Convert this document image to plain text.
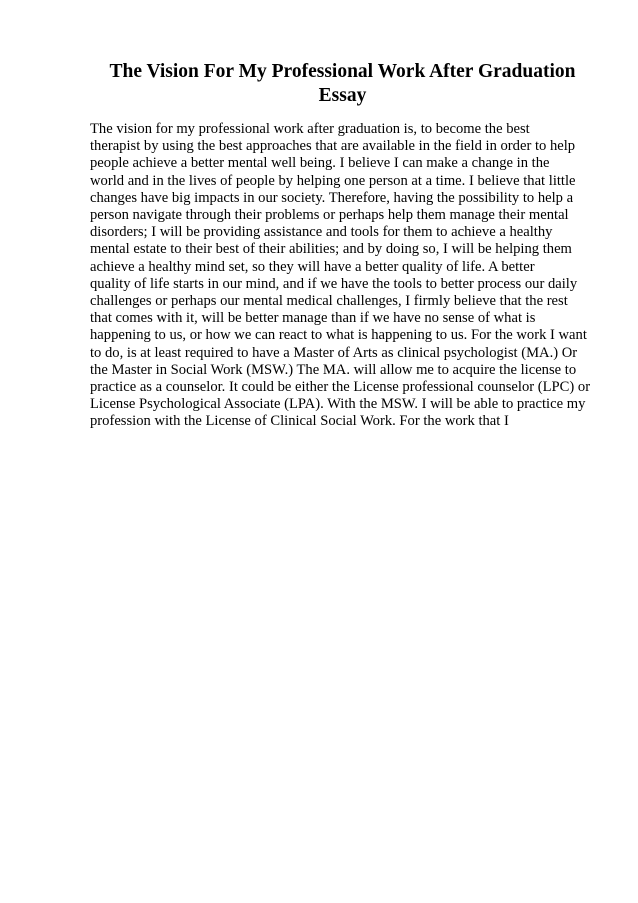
The Vision For My Professional Work After Graduation
Essay
The vision for my professional work after graduation is, to become the best
therapist by using the best approaches that are available in the field in order to help
people achieve a better mental well being. I believe I can make a change in the
world and in the lives of people by helping one person at a time. I believe that little
changes have big impacts in our society. Therefore, having the possibility to help a
person navigate through their problems or perhaps help them manage their mental
disorders; I will be providing assistance and tools for them to achieve a healthy
mental estate to their best of their abilities; and by doing so, I will be helping them
achieve a healthy mind set, so they will have a better quality of life. A better
quality of life starts in our mind, and if we have the tools to better process our daily
challenges or perhaps our mental medical challenges, I firmly believe that the rest
that comes with it, will be better manage than if we have no sense of what is
happening to us, or how we can react to what is happening to us. For the work I want
to do, is at least required to have a Master of Arts as clinical psychologist (MA.) Or
the Master in Social Work (MSW.) The MA. will allow me to acquire the license to
practice as a counselor. It could be either the License professional counselor (LPC) or
License Psychological Associate (LPA). With the MSW. I will be able to practice my
profession with the License of Clinical Social Work. For the work that I
